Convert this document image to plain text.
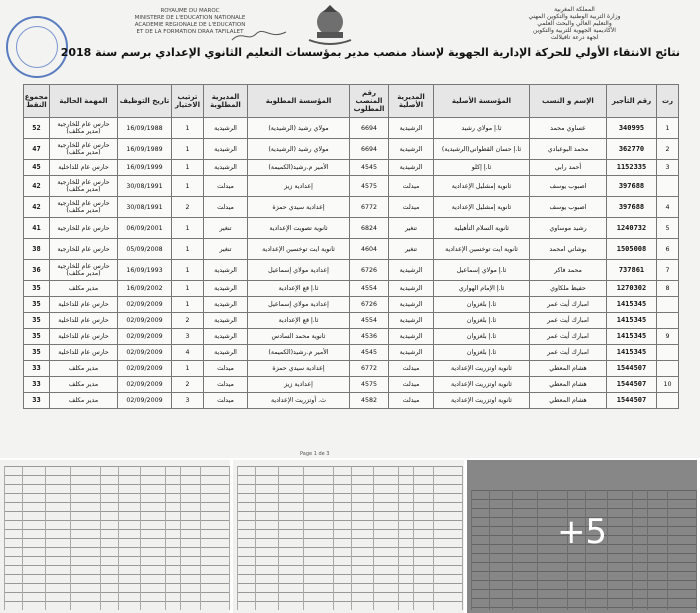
ROYAUME DU MAROC
MINISTERE DE L'EDUCATION NATIONALE
ACADEMIE REGIONALE DE L'EDUCATION
ET DE LA FORMATION DRAA TAFILALET
المملكة المغربية
وزارة التربية الوطنية والتكوين المهني
والتعليم العالي والبحث العلمي
الأكاديمية الجهوية للتربية والتكوين
لجهة درعة تافيلالت
نتائج الانتقاء الأولي للحركة الإدارية الجهوية لإسناد منصب مدير بمؤسسات التعليم الثانوي الإعدادي برسم سنة 2018
رت	رقم التأجير	الإسم و النسب	المؤسسة الأصلية	المديرية الأصلية	رقم المنصب المطلوب	المؤسسة المطلوبة	المديرية المطلوبة	ترتيب الاختيار	تاريخ التوظيف	المهمة الحالية	مجموع النقط
1	340995	عساوي محمد	ثا.إ مولاي رشيد	الرشيدية	6694	مولاي رشيد (الرشيدية)	الرشيدية	1	16/09/1988	حارس عام للخارجية (مدير مكلف)	52
2	362770	محمد البوعبادي	ثا.إ حسان القطواني(الرشيدية)	الرشيدية	6694	مولاي رشيد (الرشيدية)	الرشيدية	1	16/09/1989	حارس عام للخارجية (مدير مكلف)	47
3	1152335	أحمد رابي	ثا.إ إكلو	الرشيدية	4545	الأمير م.رشيد(الكميمة)	الرشيدية	1	16/09/1999	حارس عام للداخلية	45
	397688	اصبوب يوسف	ثانوية إمشليل الإعدادية	ميدلت	4575	إعدادية زيز	ميدلت	1	30/08/1991	حارس عام للخارجية (مدير مكلف)	42
4	397688	اصبوب يوسف	ثانوية إمشليل الإعدادية	ميدلت	6772	إعدادية سيدي حمزة	ميدلت	2	30/08/1991	حارس عام للخارجية (مدير مكلف)	42
5	1240732	رشيد موساوي	ثانوية السلام التأهيلية	تنغير	6824	ثانوية تصويت الإعدادية	تنغير	1	06/09/2001	حارس عام للخارجية	41
6	1505008	بوشاتي امحمد	ثانوية ايت توخسين الإعدادية	تنغير	4604	ثانوية ايت توخسين الإعدادية	تنغير	1	05/09/2008	حارس عام للخارجية	38
7	737861	محمد فاكر	ثا.إ مولاي إسماعيل	الرشيدية	6726	إعدادية مولاي إسماعيل	الرشيدية	1	16/09/1993	حارس عام للخارجية (مدير مكلف)	36
8	1270302	حفيظ ملكاوي	ثا.إ الإمام الهواري	الرشيدية	4554	ثا.إ قع الإعدادية	الرشيدية	1	16/09/2002	مدير مكلف	35
	1415345	امبارك أيت عمر	ثا.إ بلغزوان	الرشيدية	6726	إعدادية مولاي إسماعيل	الرشيدية	1	02/09/2009	حارس عام للداخلية	35
	1415345	امبارك أيت عمر	ثا.إ بلغزوان	الرشيدية	4554	ثا.إ قع الإعدادية	الرشيدية	2	02/09/2009	حارس عام للداخلية	35
9	1415345	امبارك أيت عمر	ثا.إ بلغزوان	الرشيدية	4536	ثانوية محمد السادس	الرشيدية	3	02/09/2009	حارس عام للداخلية	35
	1415345	امبارك أيت عمر	ثا.إ بلغزوان	الرشيدية	4545	الأمير م.رشيد(الكميمة)	الرشيدية	4	02/09/2009	حارس عام للداخلية	35
	1544507	هشام المعطي	ثانوية اوتزريت الإعدادية	ميدلت	6772	إعدادية سيدي حمزة	ميدلت	1	02/09/2009	مدير مكلف	33
10	1544507	هشام المعطي	ثانوية اوتزريت الإعدادية	ميدلت	4575	إعدادية زيز	ميدلت	2	02/09/2009	مدير مكلف	33
	1544507	هشام المعطي	ثانوية اوتزريت الإعدادية	ميدلت	4582	ث. أوتزريت الإعدادية	ميدلت	3	02/09/2009	مدير مكلف	33
Page 1 de 3
+5
